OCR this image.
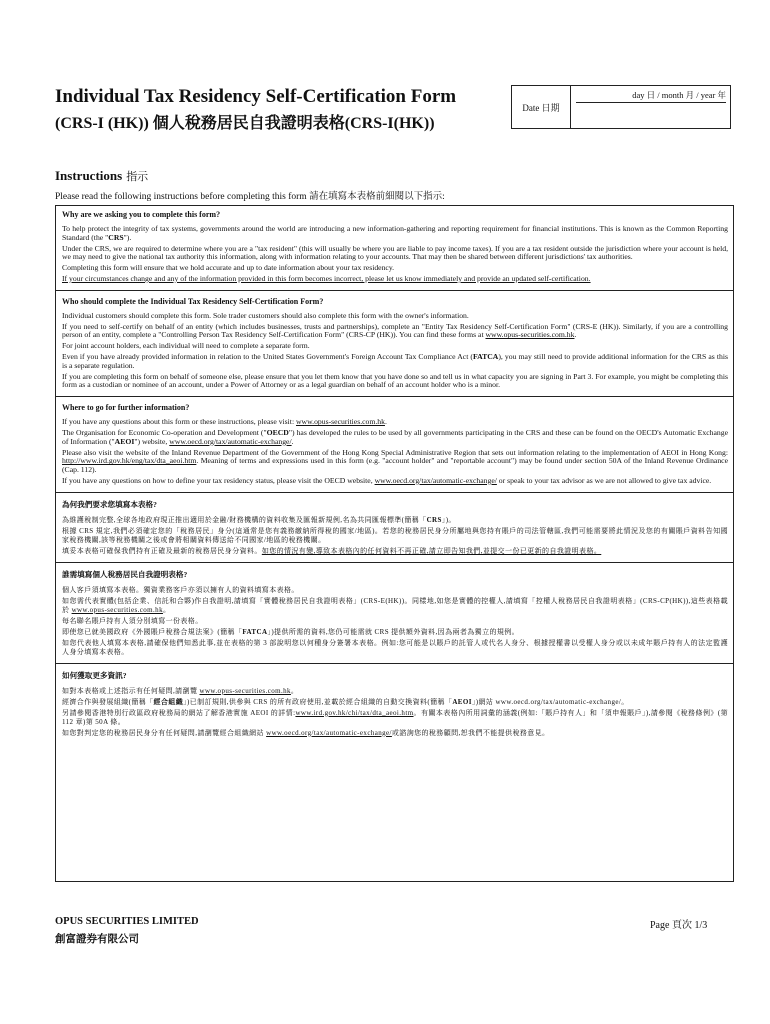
Individual Tax Residency Self-Certification Form
(CRS-I (HK)) 個人稅務居民自我證明表格(CRS-I(HK))
Date 日期
day 日 / month 月 / year 年
Instructions 指示
Please read the following instructions before completing this form 請在填寫本表格前細閱以下指示:
Why are we asking you to complete this form?

To help protect the integrity of tax systems, governments around the world are introducing a new information-gathering and reporting requirement for financial institutions. This is known as the Common Reporting Standard (the "CRS").

Under the CRS, we are required to determine where you are a "tax resident" (this will usually be where you are liable to pay income taxes). If you are a tax resident outside the jurisdiction where your account is held, we may need to give the national tax authority this information, along with information relating to your accounts. That may then be shared between different jurisdictions' tax authorities.

Completing this form will ensure that we hold accurate and up to date information about your tax residency.

If your circumstances change and any of the information provided in this form becomes incorrect, please let us know immediately and provide an updated self-certification.

Who should complete the Individual Tax Residency Self-Certification Form?

Individual customers should complete this form. Sole trader customers should also complete this form with the owner's information.

If you need to self-certify on behalf of an entity (which includes businesses, trusts and partnerships), complete an "Entity Tax Residency Self-Certification Form" (CRS-E (HK)). Similarly, if you are a controlling person of an entity, complete a "Controlling Person Tax Residency Self-Certification Form" (CRS-CP (HK)). You can find these forms at www.opus-securities.com.hk.

For joint account holders, each individual will need to complete a separate form.

Even if you have already provided information in relation to the United States Government's Foreign Account Tax Compliance Act (FATCA), you may still need to provide additional information for the CRS as this is a separate regulation.

If you are completing this form on behalf of someone else, please ensure that you let them know that you have done so and tell us in what capacity you are signing in Part 3. For example, you might be completing this form as a custodian or nominee of an account, under a Power of Attorney or as a legal guardian on behalf of an account holder who is a minor.

Where to go for further information?

If you have any questions about this form or these instructions, please visit: www.opus-securities.com.hk.

The Organisation for Economic Co-operation and Development ("OECD") has developed the rules to be used by all governments participating in the CRS and these can be found on the OECD's Automatic Exchange of Information ("AEOI") website, www.oecd.org/tax/automatic-exchange/.

Please also visit the website of the Inland Revenue Department of the Government of the Hong Kong Special Administrative Region that sets out information relating to the implementation of AEOI in Hong Kong: http://www.ird.gov.hk/eng/tax/dta_aeoi.htm. Meaning of terms and expressions used in this form (e.g. "account holder" and "reportable account") may be found under section 50A of the Inland Revenue Ordinance (Cap. 112).

If you have any questions on how to define your tax residency status, please visit the OECD website, www.oecd.org/tax/automatic-exchange/ or speak to your tax advisor as we are not allowed to give tax advice.

為何我們要求您填寫本表格?

為維護稅制完整,全球各地政府現正推出適用於金融/財務機構的資料收集及匯報新規例,名為共同匯報標準(簡稱「CRS」)。

根據 CRS 規定,我們必須確定您的「稅務居民」身分(這通常是您有義務繳納所得稅的國家/地區)。若您的稅務居民身分所屬地與您持有賬戶的司法管轄區,我們可能需要將此情況及您的有關賬戶資料告知國家稅務機關,該等稅務機關之後或會將相關資料傳送給不同國家/地區的稅務機關。

填妥本表格可確保我們持有正確及最新的稅務居民身分資料。如您的情況有變,導致本表格內的任何資料不再正確,請立即告知我們,並提交一份已更新的自我證明表格。

誰需填寫個人稅務居民自我證明表格?

個人客戶須填寫本表格。獨資業務客戶亦須以擁有人的資料填寫本表格。

如您需代表實體(包括企業、信託和合夥)作自我證明,請填寫「實體稅務居民自我證明表格」(CRS-E(HK))。同樣地,如您是實體的控權人,請填寫「控權人稅務居民自我證明表格」(CRS-CP(HK)),這些表格載於 www.opus-securities.com.hk。

每名聯名賬戶持有人須分別填寫一份表格。

即使您已就美國政府《外國賬戶稅務合規法案》(簡稱「FATCA」)提供所需的資料,您仍可能需就 CRS 提供額外資料,因為兩者為獨立的規例。

如您代表他人填寫本表格,請確保他們知悉此事,並在表格的第 3 部說明您以何種身分簽署本表格。例如:您可能是以賬戶的託管人或代名人身分、根據授權書以受權人身分或以未成年賬戶持有人的法定監護人身分填寫本表格。

如何獲取更多資訊?

如對本表格或上述指示有任何疑問,請瀏覽 www.opus-securities.com.hk。

經濟合作與發展組織(簡稱「經合組織」)已制訂規則,供參與 CRS 的所有政府使用,並載於經合組織的自動交換資料(簡稱「AEOI」)網站 www.oecd.org/tax/automatic-exchange/。

另請參閱香港特別行政區政府稅務局的網站了解香港實施 AEOI 的詳情:www.ird.gov.hk/chi/tax/dta_aeoi.htm。有關本表格內所用詞彙的涵義(例如:「賬戶持有人」和「須申報賬戶」),請參閱《稅務條例》(第 112 章)第 50A 條。

如您對判定您的稅務居民身分有任何疑問,請瀏覽經合組織網站 www.oecd.org/tax/automatic-exchange/或諮詢您的稅務顧問,恕我們不能提供稅務意見。

OPUS SECURITIES LIMITED
創富證券有限公司
Page 頁次 1/3
